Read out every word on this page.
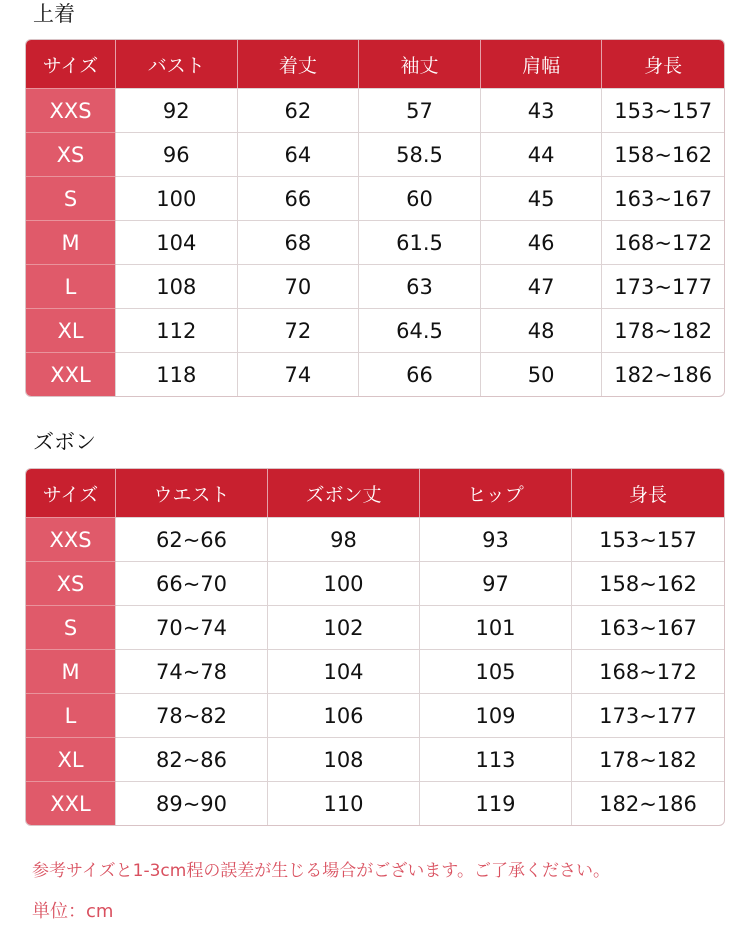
上着
サイズ	バスト	着丈	袖丈	肩幅	身長
XXS	92	62	57	43	153~157
XS	96	64	58.5	44	158~162
S	100	66	60	45	163~167
M	104	68	61.5	46	168~172
L	108	70	63	47	173~177
XL	112	72	64.5	48	178~182
XXL	118	74	66	50	182~186
ズボン
サイズ	ウエスト	ズボン丈	ヒップ	身長
XXS	62~66	98	93	153~157
XS	66~70	100	97	158~162
S	70~74	102	101	163~167
M	74~78	104	105	168~172
L	78~82	106	109	173~177
XL	82~86	108	113	178~182
XXL	89~90	110	119	182~186
参考サイズと1-3cm程の誤差が生じる場合がございます。ご了承ください。
単位：cm
